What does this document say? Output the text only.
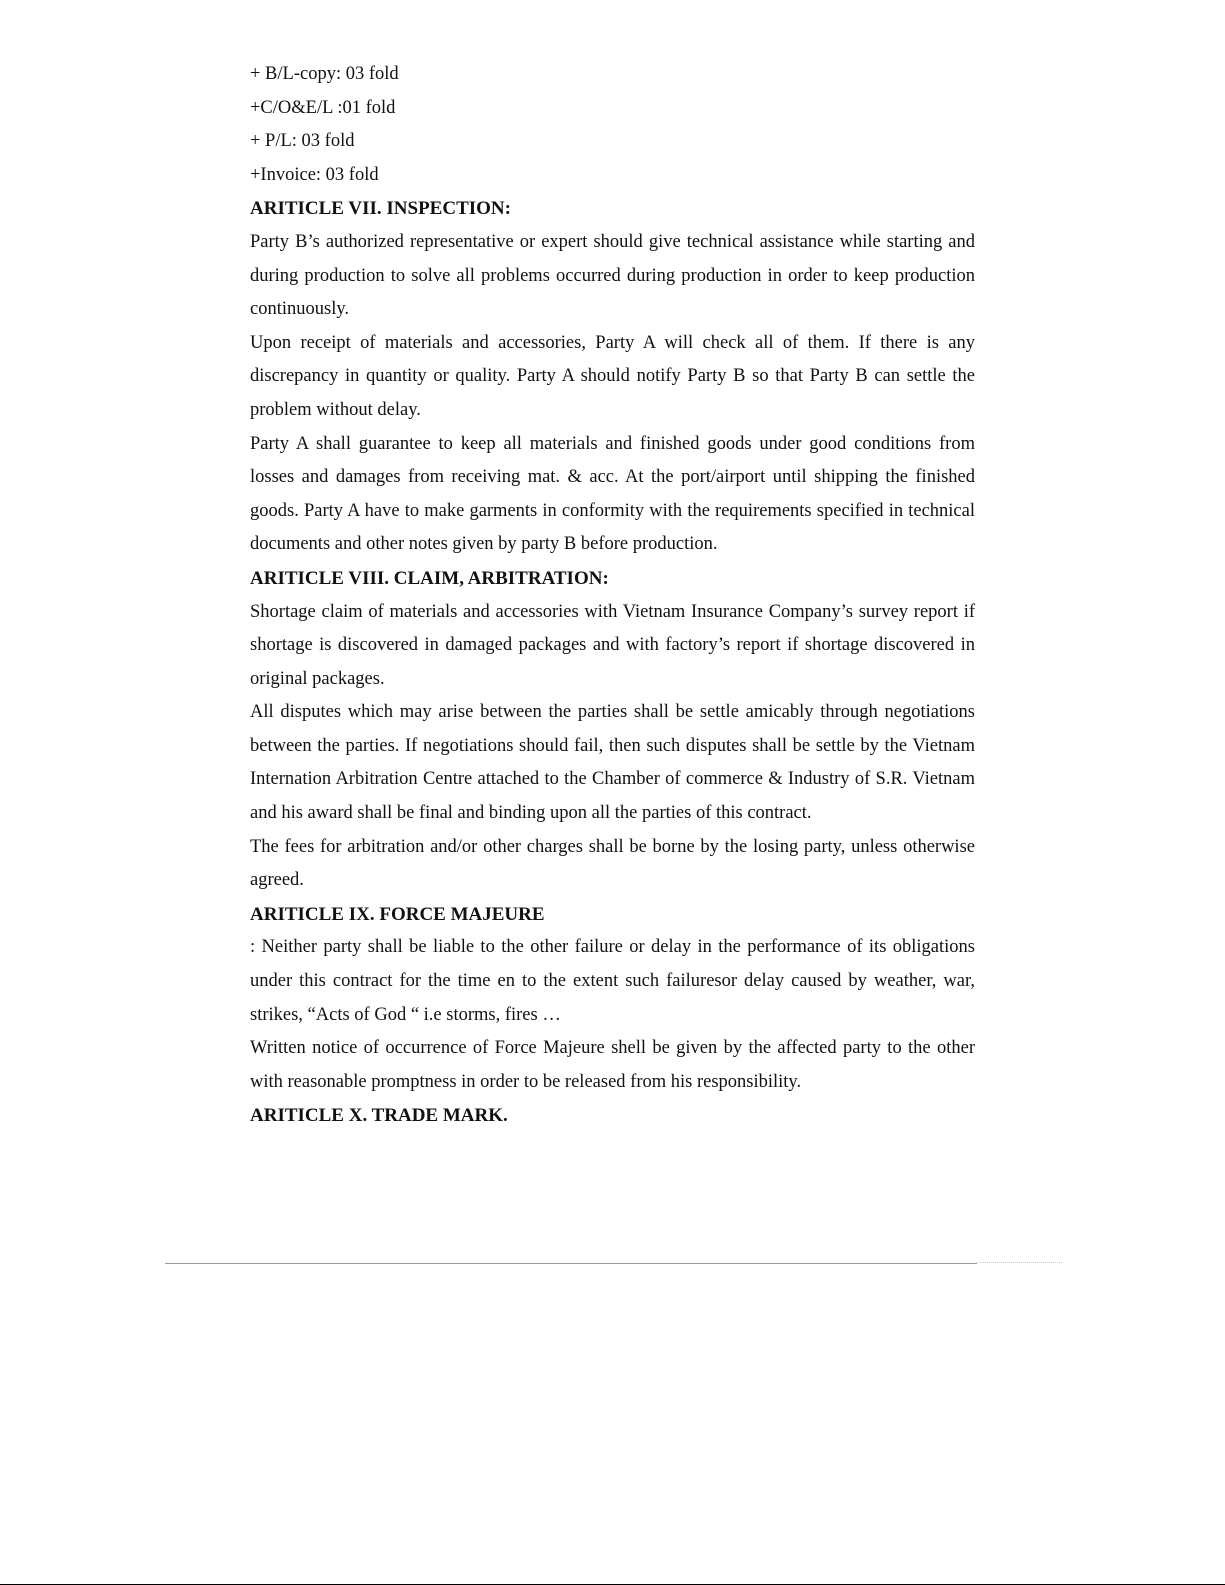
+ B/L-copy: 03 fold

+C/O&E/L :01 fold

+ P/L: 03 fold

+Invoice: 03 fold

ARITICLE VII. INSPECTION:

Party B’s authorized representative or expert should give technical assistance while starting and during production to solve all problems occurred during production in order to keep production continuously.

Upon receipt of materials and accessories, Party A will check all of them. If there is any discrepancy in quantity or quality. Party A should notify Party B so that Party B can settle the problem without delay.

Party A shall guarantee to keep all materials and finished goods under good conditions from losses and damages from receiving mat. & acc. At the port/airport until shipping the finished goods. Party A have to make garments in conformity with the requirements specified in technical documents and other notes given by party B before production.

ARITICLE VIII. CLAIM, ARBITRATION:

Shortage claim of materials and accessories with Vietnam Insurance Company’s survey report if shortage is discovered in damaged packages and with factory’s report if shortage discovered in original packages.

All disputes which may arise between the parties shall be settle amicably through negotiations between the parties. If negotiations should fail, then such disputes shall be settle by the Vietnam Internation Arbitration Centre attached to the Chamber of commerce & Industry of S.R. Vietnam and his award shall be final and binding upon all the parties of this contract.

The fees for arbitration and/or other charges shall be borne by the losing party, unless otherwise agreed.

ARITICLE IX. FORCE MAJEURE

: Neither party shall be liable to the other failure or delay in the performance of its obligations under this contract for the time en to the extent such failuresor delay caused by weather, war, strikes, “Acts of God “ i.e storms, fires …

Written notice of occurrence of Force Majeure shell be given by the affected party to the other with reasonable promptness in order to be released from his responsibility.

ARITICLE X. TRADE MARK.
